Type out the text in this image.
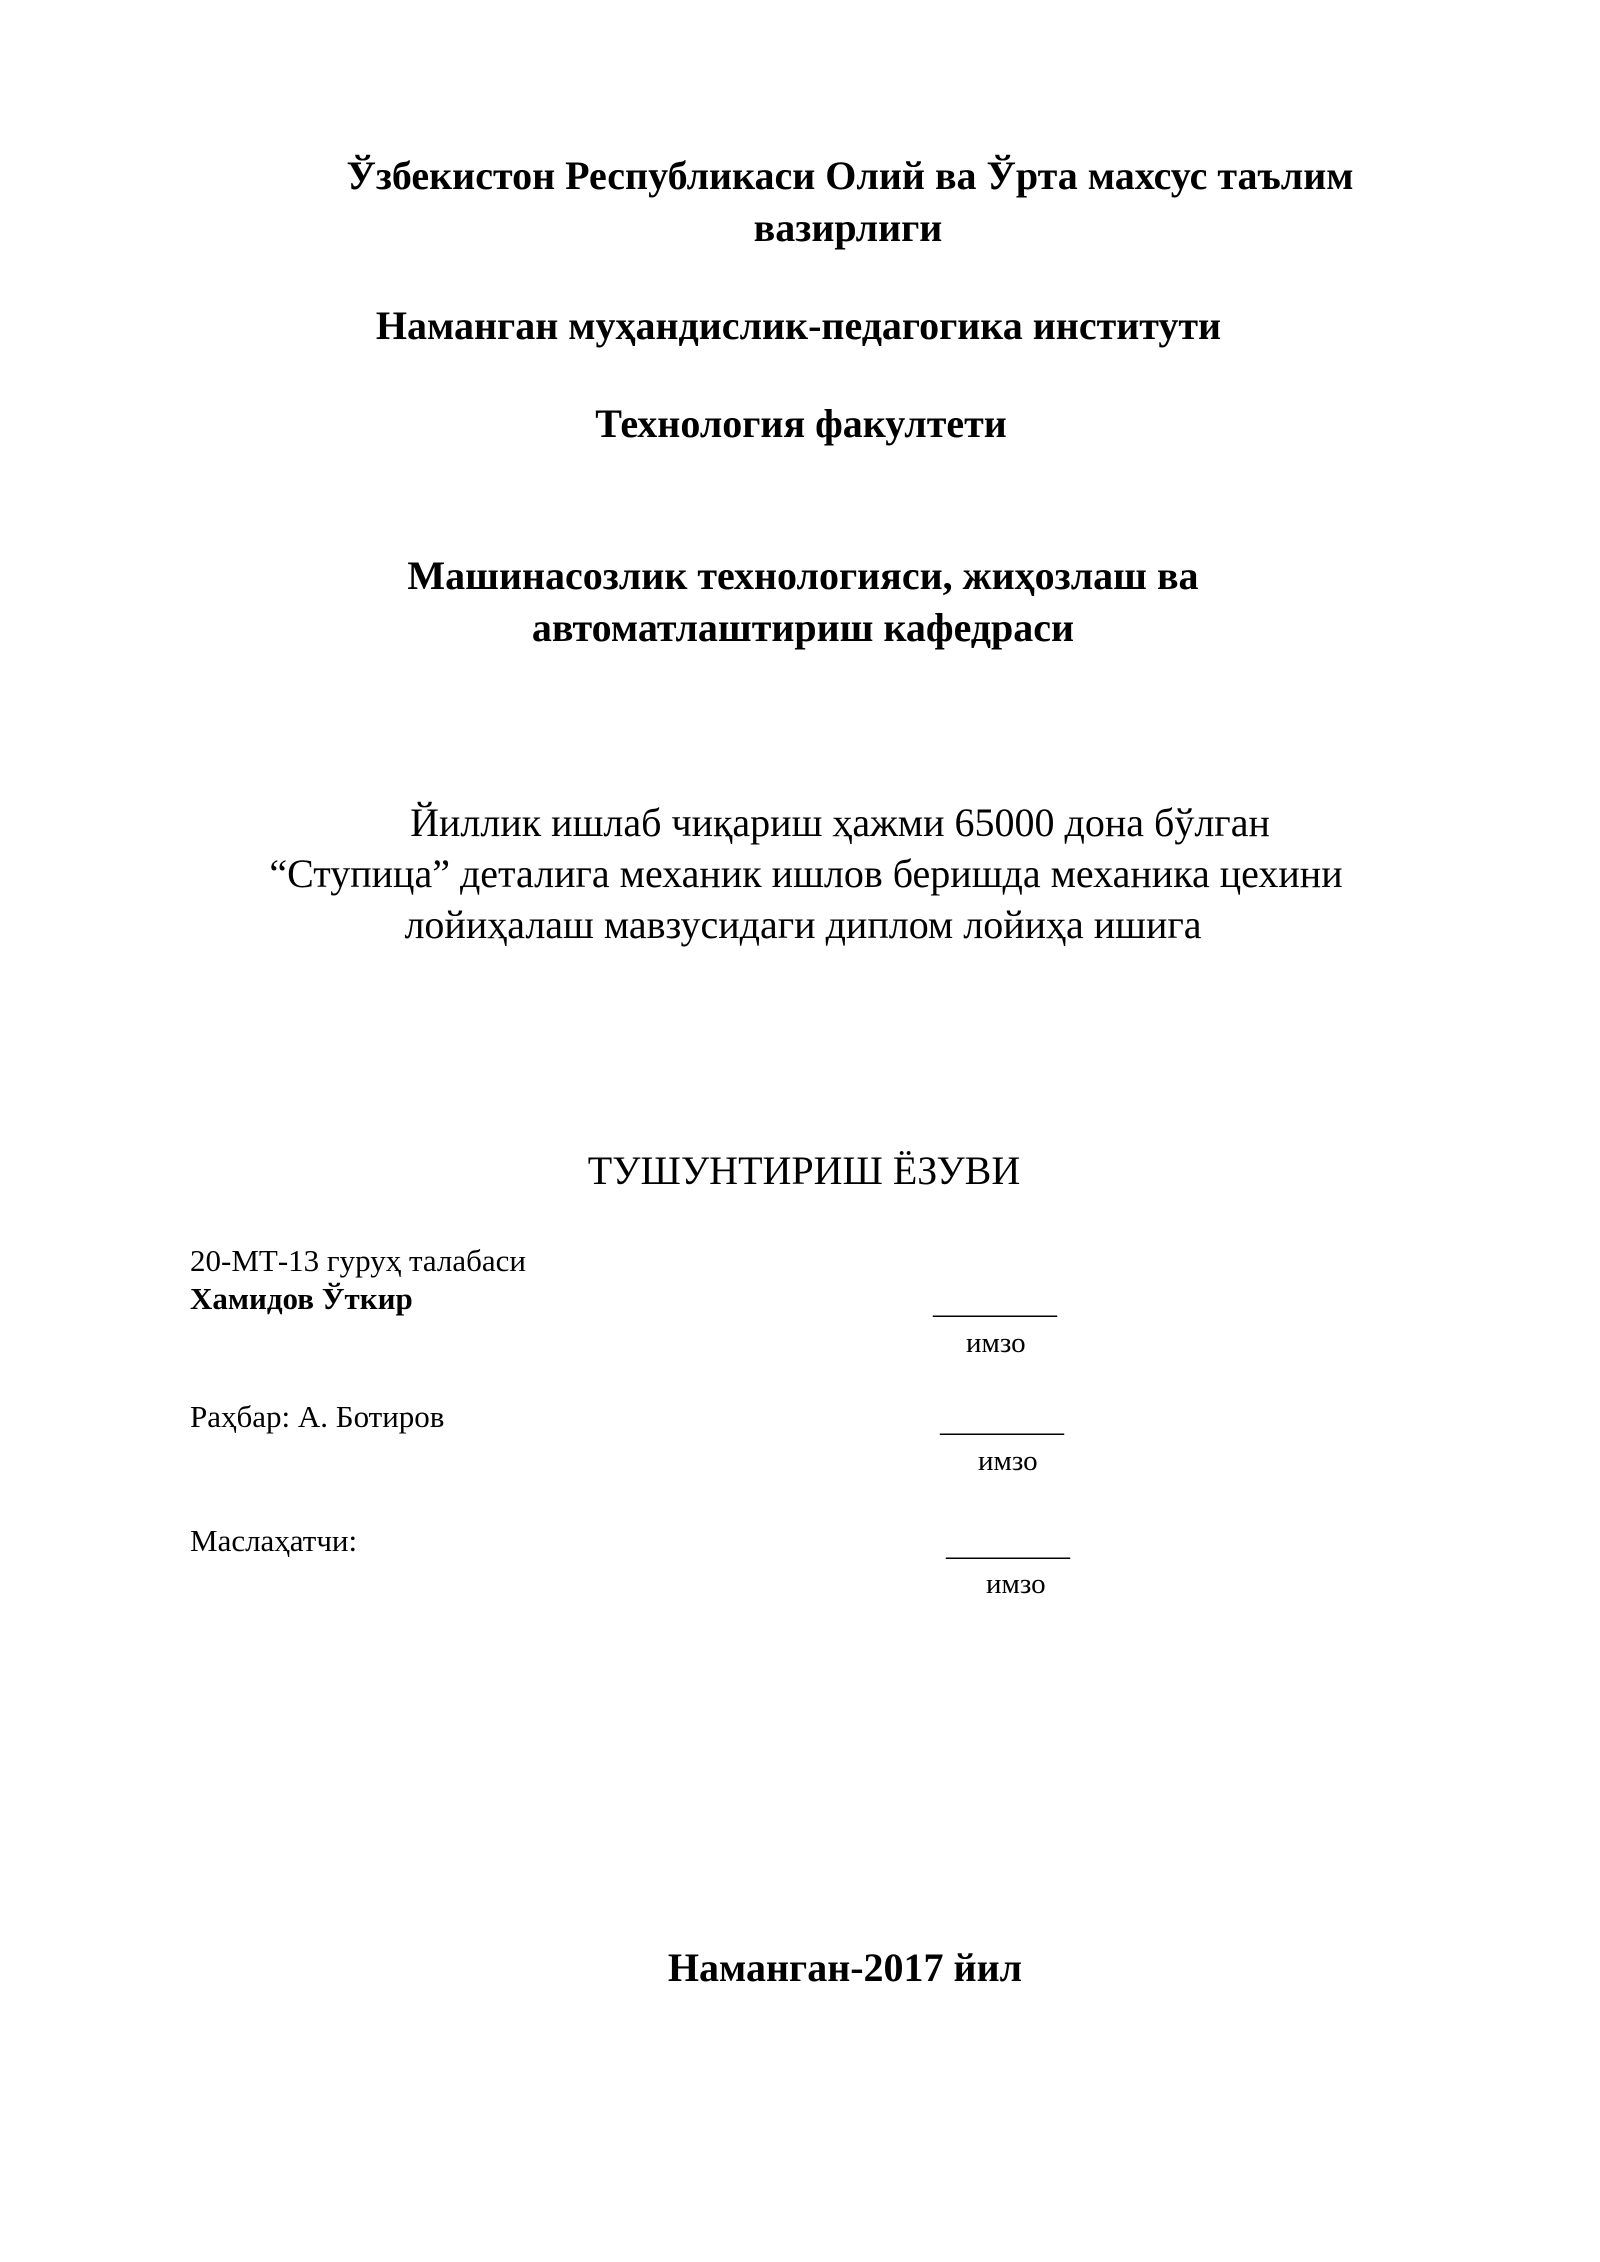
Ўзбекистон Республикаси Олий ва Ўрта махсус таълим
вазирлиги
Наманган муҳандислик-педагогика институти
Технология факултети
Машинасозлик технологияси, жиҳозлаш ва
автоматлаштириш кафедраси
Йиллик ишлаб чиқариш ҳажми 65000 дона бўлган
“Ступица” деталига механик ишлов беришда механика цехини
лойиҳалаш мавзусидаги диплом лойиҳа ишига
ТУШУНТИРИШ ЁЗУВИ
20-МТ-13 гуруҳ талабаси
Хамидов Ўткир	________
имзо
Раҳбар: А. Ботиров	________
имзо
Маслаҳатчи:	________
имзо
Наманган-2017 йил
